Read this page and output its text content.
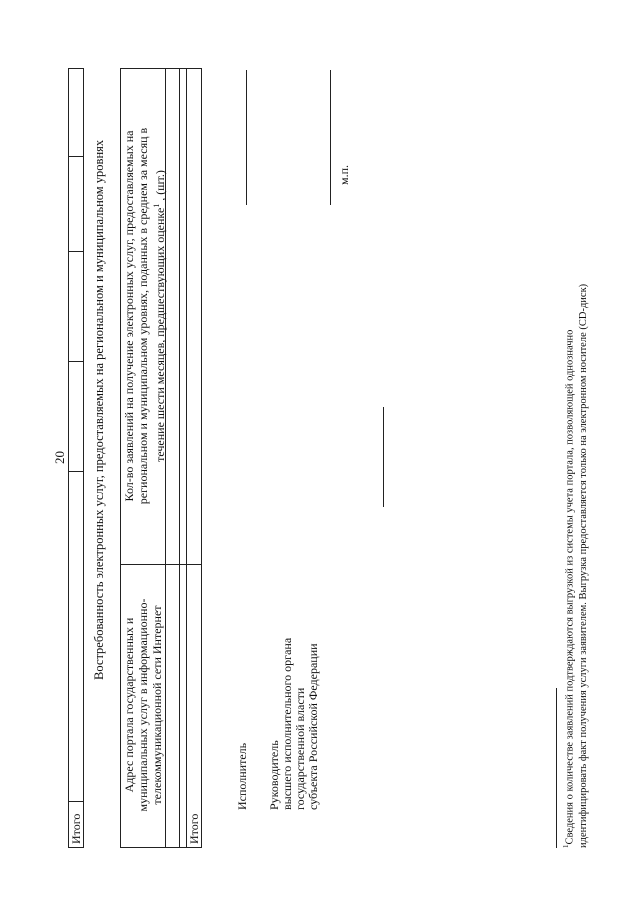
20
Итого
Востребованность электронных услуг, предоставляемых на региональном и муниципальном уровнях
Адрес портала государственных и муниципальных услуг в информационно- телекоммуникационной сети Интернет
Кол-во заявлений на получение электронных услуг, предоставляемых на региональном и муниципальном уровнях, поданных в среднем за месяц в течение шести месяцев, предшествующих оценке$^1$ , (шт.)
Итого
Исполнитель Руководитель высшего исполнительного органа государственной власти субъекта Российской Федерации
м.п.
$^1$Сведения о количестве заявлений подтверждаются выгрузкой из системы учета портала, позволяющей однозначно идентифицировать факт получения услуги заявителем. Выгрузка предоставляется только на электронном носителе (CD-диск)
